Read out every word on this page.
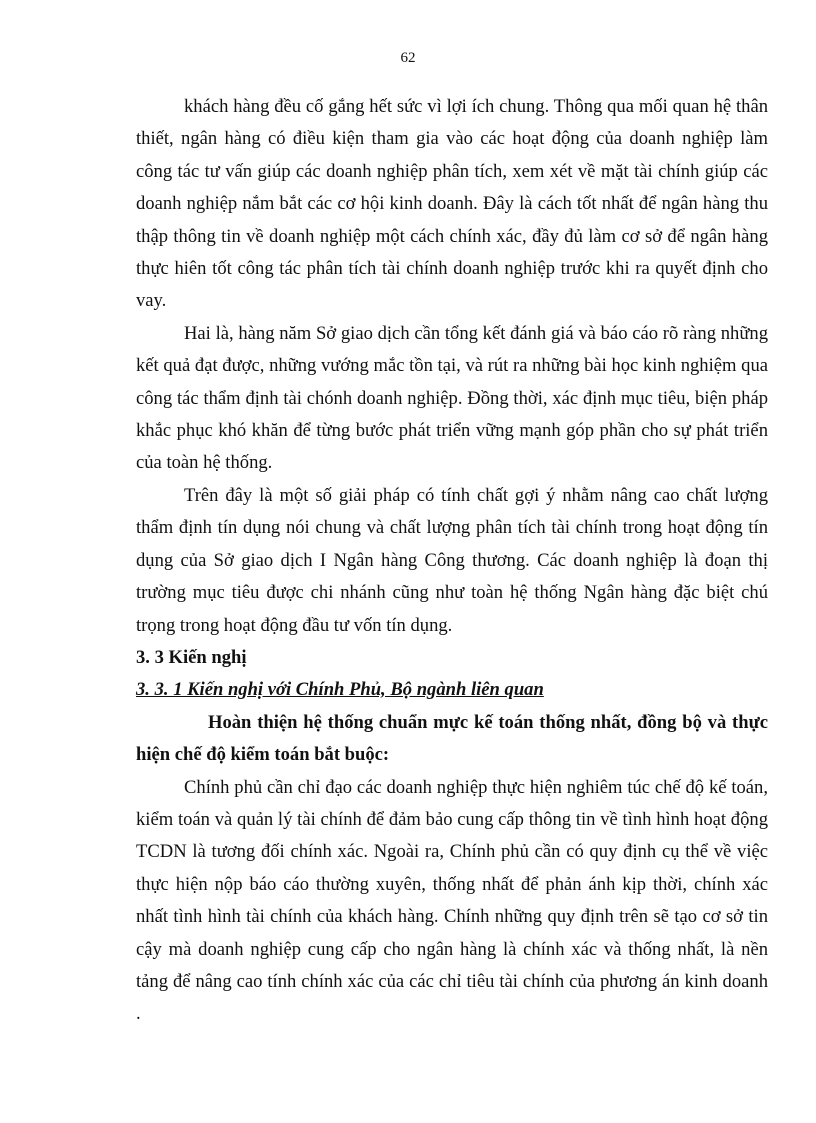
62

khách hàng đều cố gắng hết sức vì lợi ích chung. Thông qua mối quan hệ thân thiết, ngân hàng có điều kiện tham gia vào các hoạt động của doanh nghiệp làm công tác tư vấn giúp các doanh nghiệp phân tích, xem xét về mặt tài chính giúp các doanh nghiệp nắm bắt các cơ hội kinh doanh. Đây là cách tốt nhất để ngân hàng thu thập thông tin về doanh nghiệp một cách chính xác, đầy đủ làm cơ sở để ngân hàng thực hiên tốt công tác phân tích tài chính doanh nghiệp trước khi ra quyết định cho vay.

Hai là, hàng năm Sở giao dịch cần tổng kết đánh giá và báo cáo rõ ràng những kết quả đạt được, những vướng mắc tồn tại, và rút ra những bài học kinh nghiệm qua công tác thẩm định tài chónh doanh nghiệp. Đồng thời, xác định mục tiêu, biện pháp khắc phục khó khăn để từng bước phát triển vững mạnh góp phần cho sự phát triển của toàn hệ thống.

Trên đây là một số giải pháp có tính chất gợi ý nhằm nâng cao chất lượng thẩm định tín dụng nói chung và chất lượng phân tích tài chính trong hoạt động tín dụng của Sở giao dịch I Ngân hàng Công thương. Các doanh nghiệp là đoạn thị trường mục tiêu được chi nhánh cũng như toàn hệ thống Ngân hàng đặc biệt chú trọng trong hoạt động đầu tư vốn tín dụng.

3. 3 Kiến nghị

3. 3. 1 Kiến nghị với Chính Phủ, Bộ ngành liên quan

Hoàn thiện hệ thống chuẩn mực kế toán thống nhất, đồng bộ và thực hiện chế độ kiểm toán bắt buộc:

Chính phủ cần chỉ đạo các doanh nghiệp thực hiện nghiêm túc chế độ kế toán, kiểm toán và quản lý tài chính để đảm bảo cung cấp thông tin về tình hình hoạt động TCDN là tương đối chính xác. Ngoài ra, Chính phủ cần có quy định cụ thể về việc thực hiện nộp báo cáo thường xuyên, thống nhất để phản ánh kịp thời, chính xác nhất tình hình tài chính của khách hàng. Chính những quy định trên sẽ tạo cơ sở tin cậy mà doanh nghiệp cung cấp cho ngân hàng là chính xác và thống nhất, là nền tảng để nâng cao tính chính xác của các chỉ tiêu tài chính của phương án kinh doanh .
